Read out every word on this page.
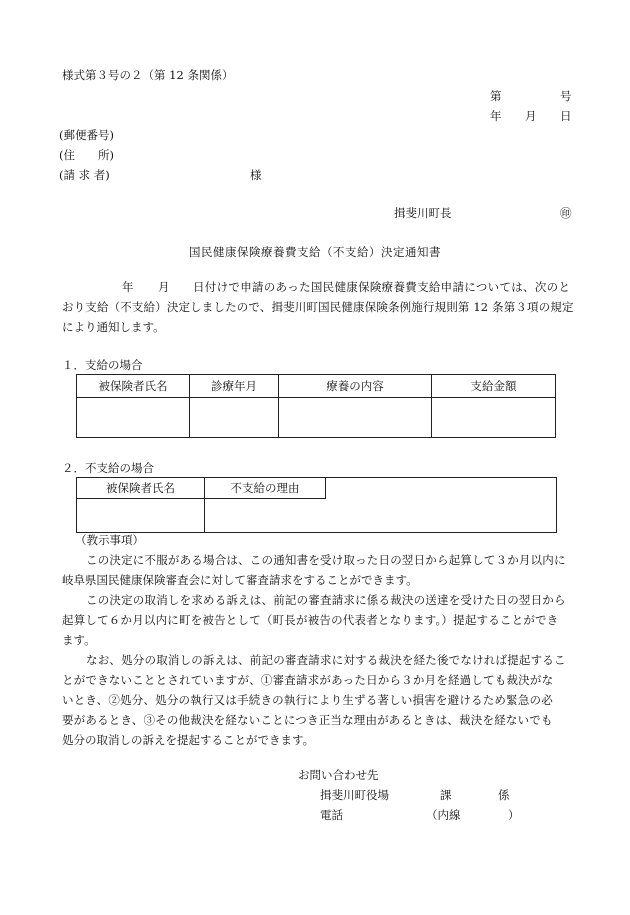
様式第３号の２（第 12 条関係）
第	号
年 月 日
(郵便番号)
(住　　所)
(請 求 者)	様
揖斐川町長	㊞
国民健康保険療養費支給（不支給）決定通知書
年 月 日付けで申請のあった国民健康保険療養費支給申請については、次のと
おり支給（不支給）決定しましたので、揖斐川町国民健康保険条例施行規則第 12 条第３項の規定
により通知します。
１．支給の場合
被保険者氏名	診療年月	療養の内容	支給金額

２．不支給の場合
被保険者氏名	不支給の理由
（教示事項）
この決定に不服がある場合は、この通知書を受け取った日の翌日から起算して３か月以内に
岐阜県国民健康保険審査会に対して審査請求をすることができます。
この決定の取消しを求める訴えは、前記の審査請求に係る裁決の送達を受けた日の翌日から
起算して６か月以内に町を被告として（町長が被告の代表者となります。）提起することができ
ます。
なお、処分の取消しの訴えは、前記の審査請求に対する裁決を経た後でなければ提起するこ
とができないこととされていますが、①審査請求があった日から３か月を経過しても裁決がな
いとき、②処分、処分の執行又は手続きの執行により生ずる著しい損害を避けるため緊急の必
要があるとき、③その他裁決を経ないことにつき正当な理由があるときは、裁決を経ないでも
処分の取消しの訴えを提起することができます。
お問い合わせ先
揖斐川町役場	課	係
電話	（内線	）
